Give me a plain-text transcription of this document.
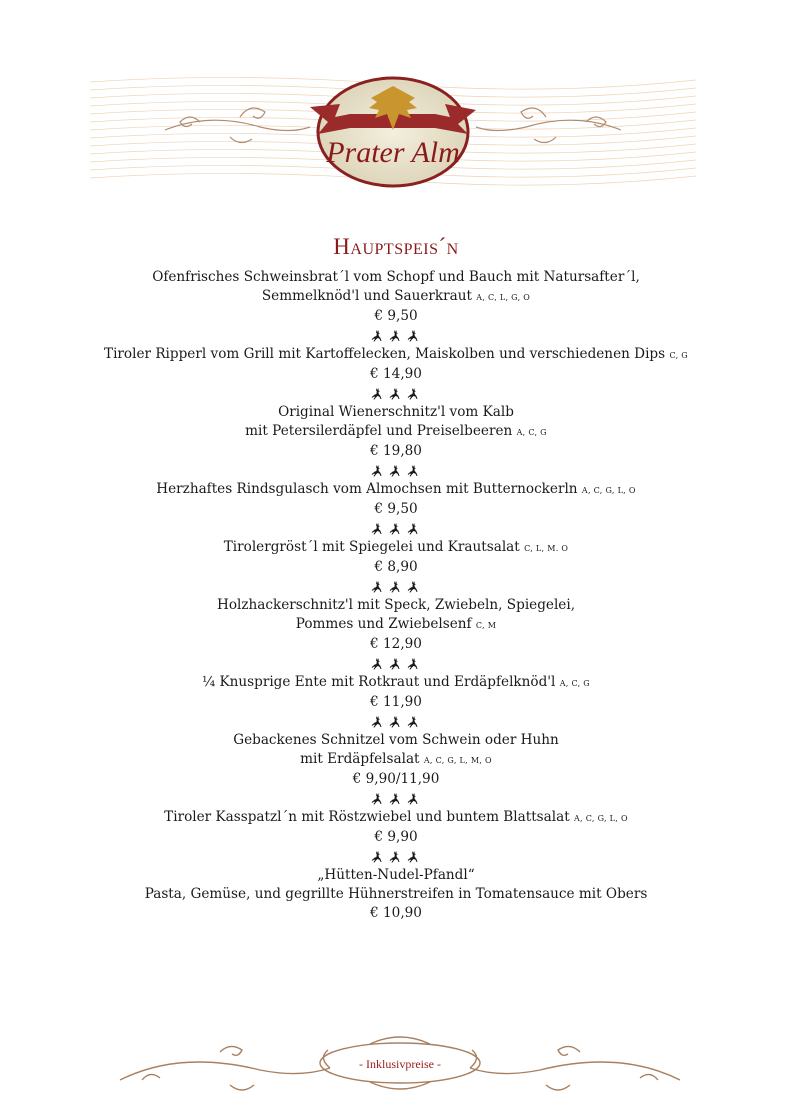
Prater Alm
Hauptspeis´n
Ofenfrisches Schweinsbrat´l vom Schopf und Bauch mit Natursafter´l,
Semmelknöd'l und Sauerkraut A, C, L, G, O
€ 9,50
Tiroler Ripperl vom Grill mit Kartoffelecken, Maiskolben und verschiedenen Dips C, G
€ 14,90
Original Wienerschnitz'l vom Kalb
mit Petersilerdäpfel und Preiselbeeren A, C, G
€ 19,80
Herzhaftes Rindsgulasch vom Almochsen mit Butternockerln A, C, G, L, O
€ 9,50
Tirolergröst´l mit Spiegelei und Krautsalat C, L, M. O
€ 8,90
Holzhackerschnitz'l mit Speck, Zwiebeln, Spiegelei,
Pommes und Zwiebelsenf C, M
€ 12,90
¼ Knusprige Ente mit Rotkraut und Erdäpfelknöd'l A, C, G
€ 11,90
Gebackenes Schnitzel vom Schwein oder Huhn
mit Erdäpfelsalat A, C, G, L, M, O
€ 9,90/11,90
Tiroler Kasspatzl´n mit Röstzwiebel und buntem Blattsalat A, C, G, L, O
€ 9,90
„Hütten-Nudel-Pfandl“
Pasta, Gemüse, und gegrillte Hühnerstreifen in Tomatensauce mit Obers
€ 10,90
- Inklusivpreise -
